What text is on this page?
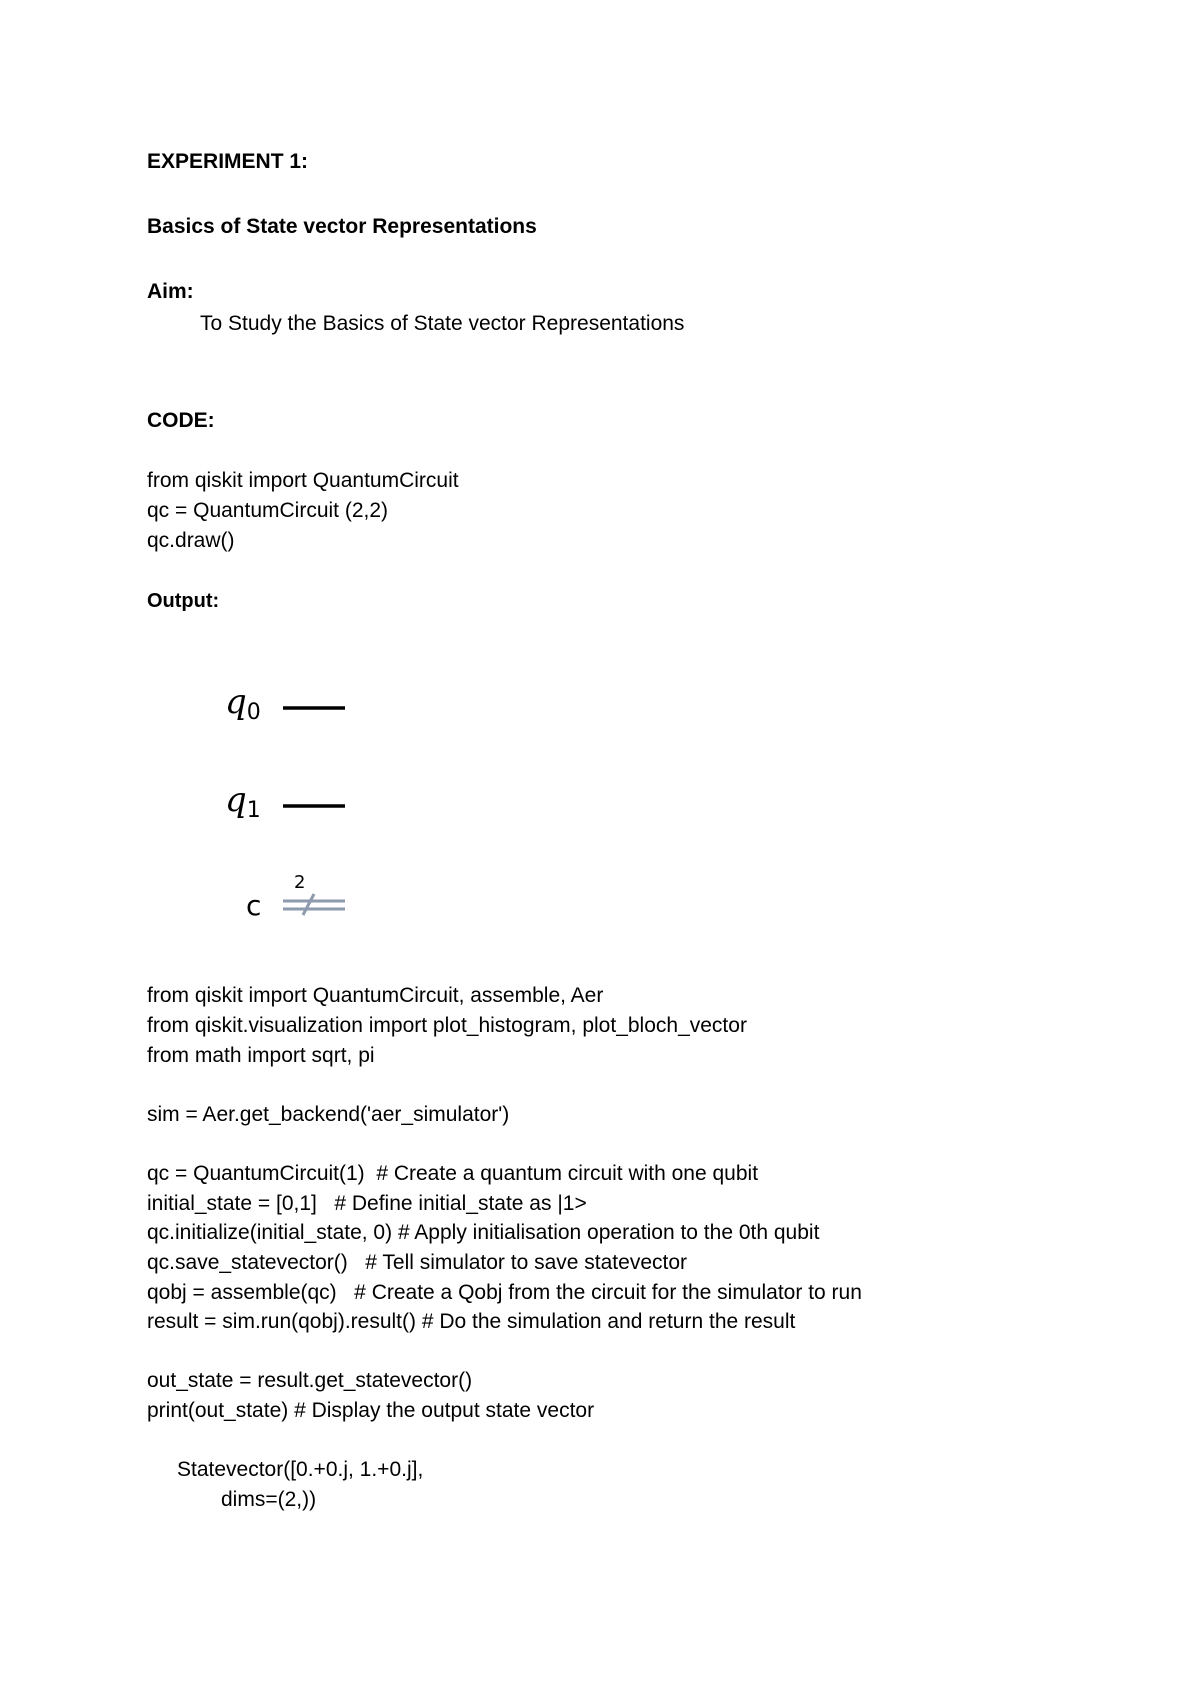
EXPERIMENT 1:
Basics of State vector Representations
Aim:
To Study the Basics of State vector Representations
CODE:
from qiskit import QuantumCircuit
qc = QuantumCircuit (2,2)
qc.draw()
Output:
q0
q1
c
2
from qiskit import QuantumCircuit, assemble, Aer
from qiskit.visualization import plot_histogram, plot_bloch_vector
from math import sqrt, pi
sim = Aer.get_backend('aer_simulator')
qc = QuantumCircuit(1)  # Create a quantum circuit with one qubit
initial_state = [0,1]   # Define initial_state as |1>
qc.initialize(initial_state, 0) # Apply initialisation operation to the 0th qubit
qc.save_statevector()   # Tell simulator to save statevector
qobj = assemble(qc)   # Create a Qobj from the circuit for the simulator to run
result = sim.run(qobj).result() # Do the simulation and return the result
out_state = result.get_statevector()
print(out_state) # Display the output state vector
Statevector([0.+0.j, 1.+0.j],
dims=(2,))
